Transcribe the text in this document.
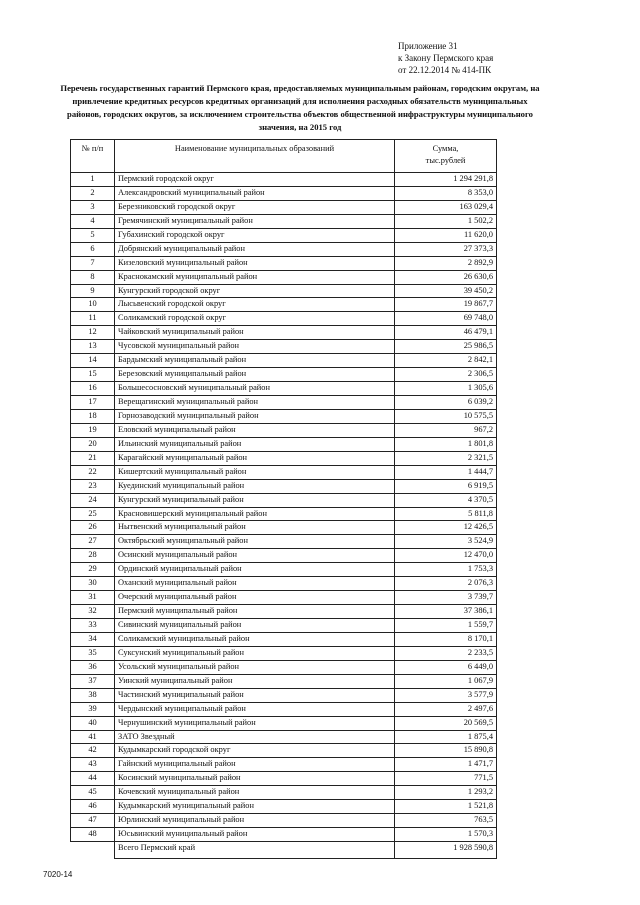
Приложение 31
к Закону Пермского края
от 22.12.2014 № 414-ПК
Перечень государственных гарантий Пермского края, предоставляемых муниципальным районам, городским округам, на привлечение кредитных ресурсов кредитных организаций для исполнения расходных обязательств муниципальных районов, городских округов, за исключением строительства объектов общественной инфраструктуры муниципального значения, на 2015 год
№ п/п	Наименование муниципальных образований	Сумма,
тыс.рублей

1	Пермский городской округ	1 294 291,8
2	Александровский муниципальный район	8 353,0
3	Березниковский городской округ	163 029,4
4	Гремячинский муниципальный район	1 502,2
5	Губахинский городской округ	11 620,0
6	Добрянский муниципальный район	27 373,3
7	Кизеловский муниципальный район	2 892,9
8	Краснокамский муниципальный район	26 630,6
9	Кунгурский городской округ	39 450,2
10	Лысьвенский городской округ	19 867,7
11	Соликамский городской округ	69 748,0
12	Чайковский муниципальный район	46 479,1
13	Чусовской муниципальный район	25 986,5
14	Бардымский муниципальный район	2 842,1
15	Березовский муниципальный район	2 306,5
16	Большесосновский муниципальный район	1 305,6
17	Верещагинский муниципальный район	6 039,2
18	Горнозаводский муниципальный район	10 575,5
19	Еловский муниципальный район	967,2
20	Ильинский муниципальный район	1 801,8
21	Карагайский муниципальный район	2 321,5
22	Кишертский муниципальный район	1 444,7
23	Куединский муниципальный район	6 919,5
24	Кунгурский муниципальный район	4 370,5
25	Красновишерский муниципальный район	5 811,8
26	Нытвенский муниципальный район	12 426,5
27	Октябрьский муниципальный район	3 524,9
28	Осинский муниципальный район	12 470,0
29	Ординский муниципальный район	1 753,3
30	Оханский муниципальный район	2 076,3
31	Очерский муниципальный район	3 739,7
32	Пермский муниципальный район	37 386,1
33	Сивинский муниципальный район	1 559,7
34	Соликамский муниципальный район	8 170,1
35	Суксунский муниципальный район	2 233,5
36	Усольский муниципальный район	6 449,0
37	Уинский муниципальный район	1 067,9
38	Частинский муниципальный район	3 577,9
39	Чердынский муниципальный район	2 497,6
40	Чернушинский муниципальный район	20 569,5
41	ЗАТО Звездный	1 875,4
42	Кудымкарский городской округ	15 890,8
43	Гайнский муниципальный район	1 471,7
44	Косинский муниципальный район	771,5
45	Кочевский муниципальный район	1 293,2
46	Кудымкарский муниципальный район	1 521,8
47	Юрлинский муниципальный район	763,5
48	Юсьвинский муниципальный район	1 570,3
	Всего Пермский край	1 928 590,8
7020-14
